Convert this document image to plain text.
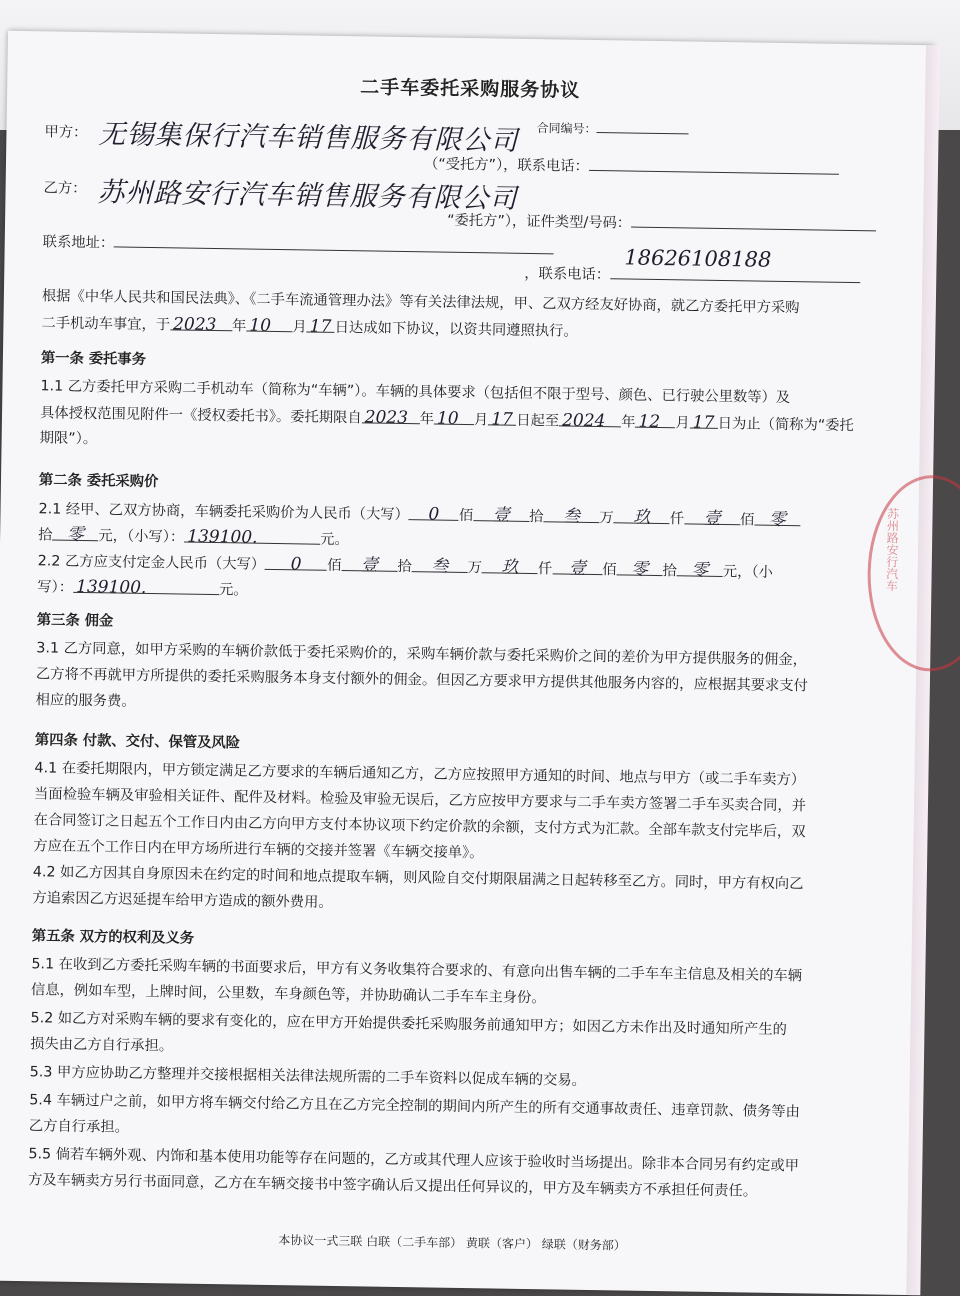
二手车委托采购服务协议
合同编号：
甲方： 无锡集保行汽车销售服务有限公司
（“受托方”），联系电话：
乙方： 苏州路安行汽车销售服务有限公司
“委托方”），证件类型/号码：
联系地址：
，联系电话：
18626108188
根据《中华人民共和国民法典》、《二手车流通管理办法》等有关法律法规，甲、乙双方经友好协商，就乙方委托甲方采购
二手机动车事宜，于 2023 年 10 月 17 日达成如下协议，以资共同遵照执行。
第一条 委托事务
1.1 乙方委托甲方采购二手机动车（简称为“车辆”）。车辆的具体要求（包括但不限于型号、颜色、已行驶公里数等）及
具体授权范围见附件一《授权委托书》。委托期限自 2023 年 10 月 17 日起至 2024 年 12 月 17 日为止（简称为“委托
期限”）。
第二条 委托采购价
2.1 经甲、乙双方协商，车辆委托采购价为人民币（大写） 0 佰 壹 拾 叁 万 玖 仟 壹 佰 零
拾 零 元，（小写）： 139100.	元。
2.2 乙方应支付定金人民币（大写） 0 佰 壹 拾 叁 万 玖 仟 壹 佰 零 拾 零 元，（小
写）： 139100.	元。
第三条 佣金
3.1 乙方同意，如甲方采购的车辆价款低于委托采购价的，采购车辆价款与委托采购价之间的差价为甲方提供服务的佣金，
乙方将不再就甲方所提供的委托采购服务本身支付额外的佣金。但因乙方要求甲方提供其他服务内容的，应根据其要求支付
相应的服务费。
第四条 付款、交付、保管及风险
4.1 在委托期限内，甲方锁定满足乙方要求的车辆后通知乙方，乙方应按照甲方通知的时间、地点与甲方（或二手车卖方）
当面检验车辆及审验相关证件、配件及材料。检验及审验无误后，乙方应按甲方要求与二手车卖方签署二手车买卖合同，并
在合同签订之日起五个工作日内由乙方向甲方支付本协议项下约定价款的余额，支付方式为汇款。全部车款支付完毕后，双
方应在五个工作日内在甲方场所进行车辆的交接并签署《车辆交接单》。
4.2 如乙方因其自身原因未在约定的时间和地点提取车辆，则风险自交付期限届满之日起转移至乙方。同时，甲方有权向乙
方追索因乙方迟延提车给甲方造成的额外费用。
第五条 双方的权利及义务
5.1 在收到乙方委托采购车辆的书面要求后，甲方有义务收集符合要求的、有意向出售车辆的二手车车主信息及相关的车辆
信息，例如车型，上牌时间，公里数，车身颜色等，并协助确认二手车车主身份。
5.2 如乙方对采购车辆的要求有变化的，应在甲方开始提供委托采购服务前通知甲方；如因乙方未作出及时通知所产生的
损失由乙方自行承担。
5.3 甲方应协助乙方整理并交接根据相关法律法规所需的二手车资料以促成车辆的交易。
5.4 车辆过户之前，如甲方将车辆交付给乙方且在乙方完全控制的期间内所产生的所有交通事故责任、违章罚款、债务等由
乙方自行承担。
5.5 倘若车辆外观、内饰和基本使用功能等存在问题的，乙方或其代理人应该于验收时当场提出。除非本合同另有约定或甲
方及车辆卖方另行书面同意，乙方在车辆交接书中签字确认后又提出任何异议的，甲方及车辆卖方不承担任何责任。
本协议一式三联 白联（二手车部） 黄联（客户） 绿联（财务部）
苏州路安行汽车
